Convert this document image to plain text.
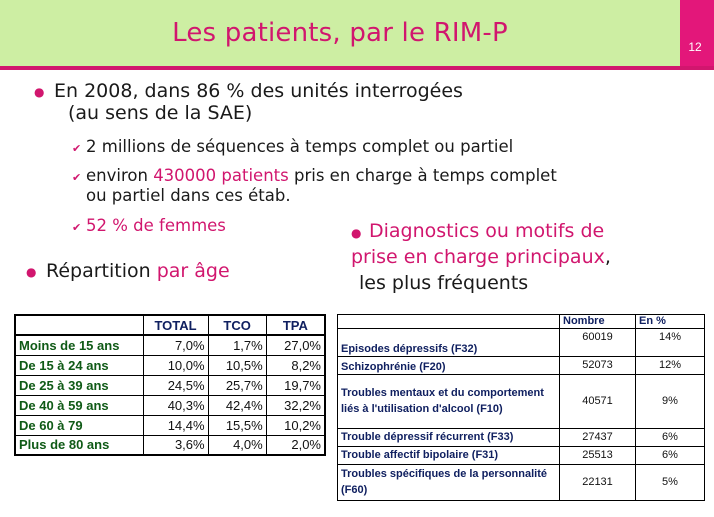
Les patients, par le RIM-P	12
● En 2008, dans 86 % des unités interrogées
(au sens de la SAE)
✔ 2 millions de séquences à temps complet ou partiel
✔ environ 430000 patients pris en charge à temps complet
ou partiel dans ces étab.
✔ 52 % de femmes
● Répartition par âge
● Diagnostics ou motifs de
prise en charge principaux,
les plus fréquents
	TOTAL	TCO	TPA
Moins de 15 ans	7,0%	1,7%	27,0%
De 15 à 24 ans	10,0%	10,5%	8,2%
De 25 à 39 ans	24,5%	25,7%	19,7%
De 40 à 59 ans	40,3%	42,4%	32,2%
De 60 à 79	14,4%	15,5%	10,2%
Plus de 80 ans	3,6%	4,0%	2,0%
	Nombre	En %
Episodes dépressifs (F32)	60019	14%
Schizophrénie (F20)	52073	12%
Troubles mentaux et du comportement liés à l'utilisation d'alcool (F10)	40571	9%
Trouble dépressif récurrent (F33)	27437	6%
Trouble affectif bipolaire (F31)	25513	6%
Troubles spécifiques de la personnalité (F60)	22131	5%
